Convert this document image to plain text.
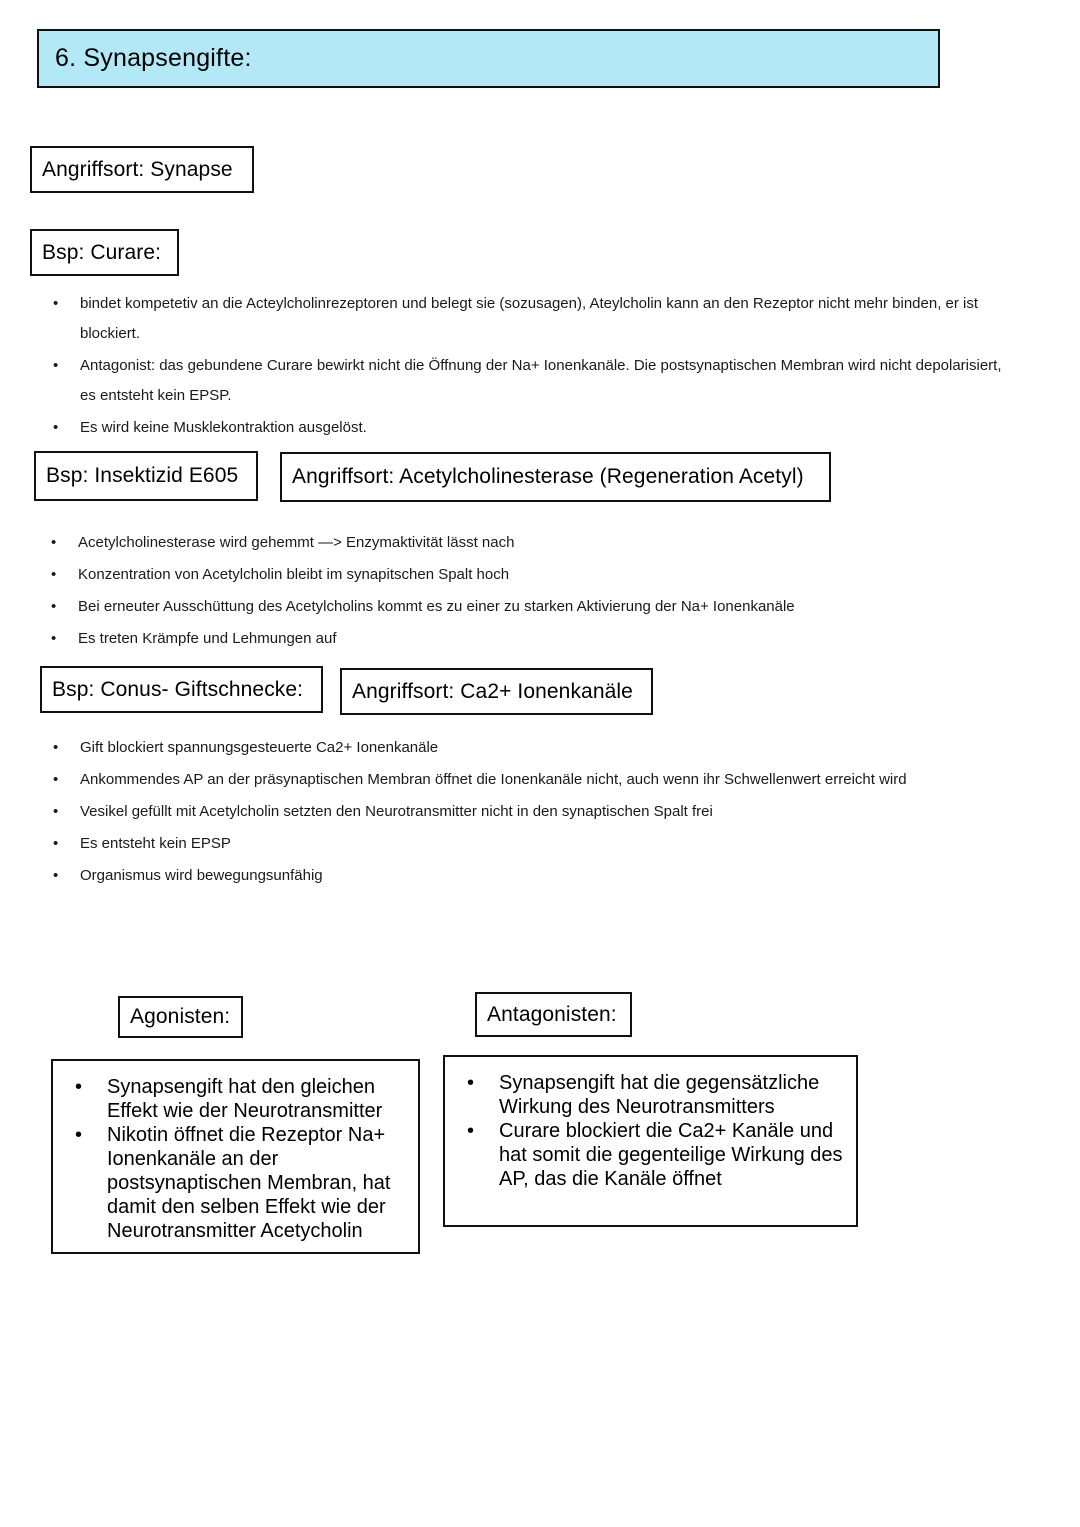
6. Synapsengifte:
Angriffsort: Synapse
Bsp: Curare:
• bindet kompetetiv an die Acteylcholinrezeptoren und belegt sie (sozusagen), Ateylcholin kann an den Rezeptor nicht mehr binden, er ist blockiert.
• Antagonist: das gebundene Curare bewirkt nicht die Öffnung der Na+ Ionenkanäle. Die postsynaptischen Membran wird nicht depolarisiert, es entsteht kein EPSP.
• Es wird keine Musklekontraktion ausgelöst.
Bsp: Insektizid E605	Angriffsort: Acetylcholinesterase (Regeneration Acetyl)
• Acetylcholinesterase wird gehemmt —> Enzymaktivität lässt nach
• Konzentration von Acetylcholin bleibt im synapitschen Spalt hoch
• Bei erneuter Ausschüttung des Acetylcholins kommt es zu einer zu starken Aktivierung der Na+ Ionenkanäle
• Es treten Krämpfe und Lehmungen auf
Bsp: Conus- Giftschnecke: Angriffsort: Ca2+ Ionenkanäle
• Gift blockiert spannungsgesteuerte Ca2+ Ionenkanäle
• Ankommendes AP an der präsynaptischen Membran öffnet die Ionenkanäle nicht, auch wenn ihr Schwellenwert erreicht wird
• Vesikel gefüllt mit Acetylcholin setzten den Neurotransmitter nicht in den synaptischen Spalt frei
• Es entsteht kein EPSP
• Organismus wird bewegungsunfähig
Agonisten:
• Synapsengift hat den gleichen Effekt wie der Neurotransmitter
• Nikotin öffnet die Rezeptor Na+ Ionenkanäle an der postsynaptischen Membran, hat damit den selben Effekt wie der Neurotransmitter Acetycholin
Antagonisten:
• Synapsengift hat die gegensätzliche Wirkung des Neurotransmitters
• Curare blockiert die Ca2+ Kanäle und hat somit die gegenteilige Wirkung des AP, das die Kanäle öffnet
